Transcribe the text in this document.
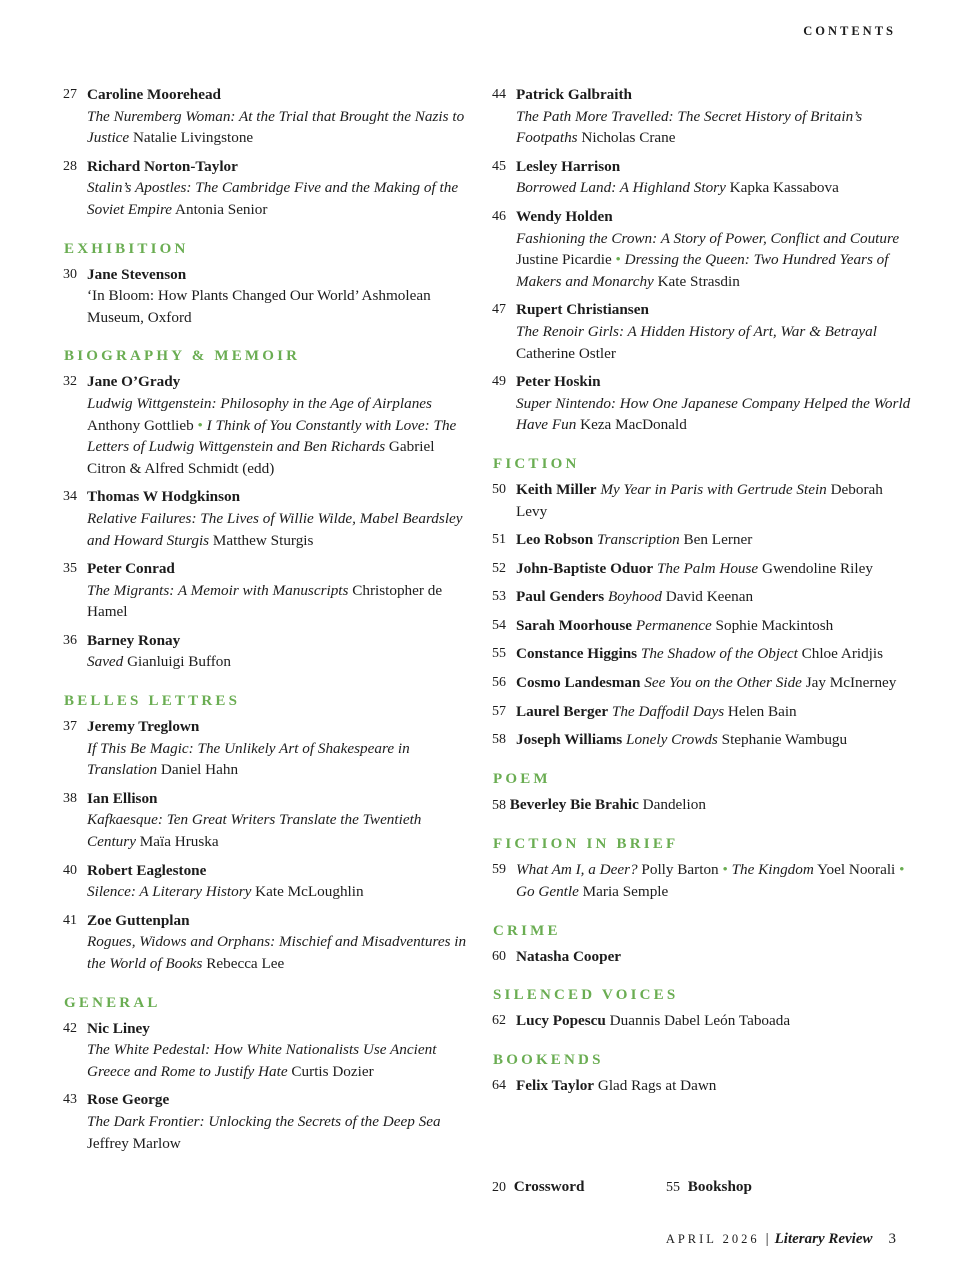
CONTENTS
27 Caroline Moorehead
The Nuremberg Woman: At the Trial that Brought the Nazis to Justice Natalie Livingstone
28 Richard Norton-Taylor
Stalin’s Apostles: The Cambridge Five and the Making of the Soviet Empire Antonia Senior
EXHIBITION
30 Jane Stevenson
‘In Bloom: How Plants Changed Our World’ Ashmolean Museum, Oxford
BIOGRAPHY & MEMOIR
32 Jane O’Grady
Ludwig Wittgenstein: Philosophy in the Age of Airplanes Anthony Gottlieb • I Think of You Constantly with Love: The Letters of Ludwig Wittgenstein and Ben Richards Gabriel Citron & Alfred Schmidt (edd)
34 Thomas W Hodgkinson
Relative Failures: The Lives of Willie Wilde, Mabel Beardsley and Howard Sturgis Matthew Sturgis
35 Peter Conrad
The Migrants: A Memoir with Manuscripts Christopher de Hamel
36 Barney Ronay
Saved Gianluigi Buffon
BELLES LETTRES
37 Jeremy Treglown
If This Be Magic: The Unlikely Art of Shakespeare in Translation Daniel Hahn
38 Ian Ellison
Kafkaesque: Ten Great Writers Translate the Twentieth Century Maïa Hruska
40 Robert Eaglestone
Silence: A Literary History Kate McLoughlin
41 Zoe Guttenplan
Rogues, Widows and Orphans: Mischief and Misadventures in the World of Books Rebecca Lee
GENERAL
42 Nic Liney
The White Pedestal: How White Nationalists Use Ancient Greece and Rome to Justify Hate Curtis Dozier
43 Rose George
The Dark Frontier: Unlocking the Secrets of the Deep Sea Jeffrey Marlow
44 Patrick Galbraith
The Path More Travelled: The Secret History of Britain’s Footpaths Nicholas Crane
45 Lesley Harrison
Borrowed Land: A Highland Story Kapka Kassabova
46 Wendy Holden
Fashioning the Crown: A Story of Power, Conflict and Couture Justine Picardie • Dressing the Queen: Two Hundred Years of Makers and Monarchy Kate Strasdin
47 Rupert Christiansen
The Renoir Girls: A Hidden History of Art, War & Betrayal Catherine Ostler
49 Peter Hoskin
Super Nintendo: How One Japanese Company Helped the World Have Fun Keza MacDonald
FICTION
50 Keith Miller My Year in Paris with Gertrude Stein Deborah Levy
51 Leo Robson Transcription Ben Lerner
52 John-Baptiste Oduor The Palm House Gwendoline Riley
53 Paul Genders Boyhood David Keenan
54 Sarah Moorhouse Permanence Sophie Mackintosh
55 Constance Higgins The Shadow of the Object Chloe Aridjis
56 Cosmo Landesman See You on the Other Side Jay McInerney
57 Laurel Berger The Daffodil Days Helen Bain
58 Joseph Williams Lonely Crowds Stephanie Wambugu
POEM
58 Beverley Bie Brahic Dandelion
FICTION IN BRIEF
59 What Am I, a Deer? Polly Barton • The Kingdom Yoel Noorali • Go Gentle Maria Semple
CRIME
60 Natasha Cooper
SILENCED VOICES
62 Lucy Popescu Duannis Dabel León Taboada
BOOKENDS
64 Felix Taylor Glad Rags at Dawn
20 Crossword	55 Bookshop
APRIL 2026 | Literary Review 3
